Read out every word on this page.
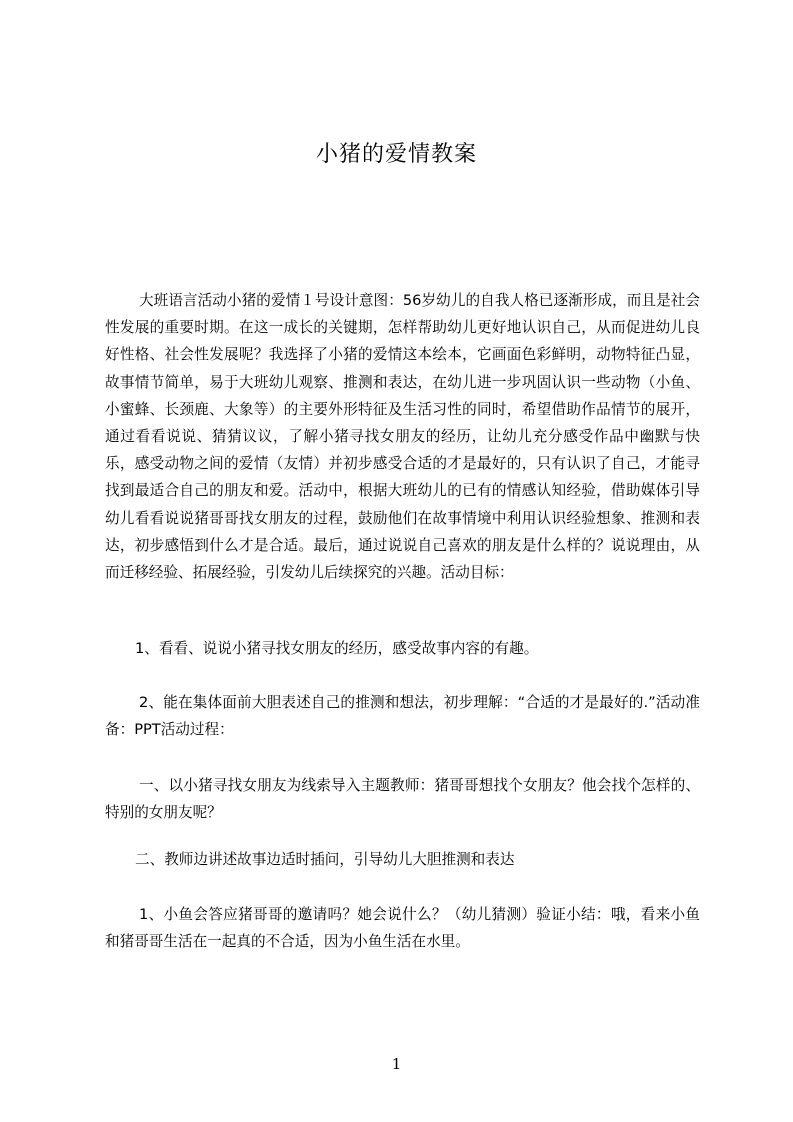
小猪的爱情教案

大班语言活动小猪的爱情１号设计意图：56岁幼儿的自我人格已逐渐形成，而且是社会性发展的重要时期。在这一成长的关键期，怎样帮助幼儿更好地认识自己，从而促进幼儿良好性格、社会性发展呢？我选择了小猪的爱情这本绘本，它画面色彩鲜明，动物特征凸显，故事情节简单，易于大班幼儿观察、推测和表达，在幼儿进一步巩固认识一些动物（小鱼、小蜜蜂、长颈鹿、大象等）的主要外形特征及生活习性的同时，希望借助作品情节的展开，通过看看说说、猜猜议议，了解小猪寻找女朋友的经历，让幼儿充分感受作品中幽默与快乐，感受动物之间的爱情（友情）并初步感受合适的才是最好的，只有认识了自己，才能寻找到最适合自己的朋友和爱。活动中，根据大班幼儿的已有的情感认知经验，借助媒体引导幼儿看看说说猪哥哥找女朋友的过程，鼓励他们在故事情境中利用认识经验想象、推测和表达，初步感悟到什么才是合适。最后，通过说说自己喜欢的朋友是什么样的？说说理由，从而迁移经验、拓展经验，引发幼儿后续探究的兴趣。活动目标：

1、看看、说说小猪寻找女朋友的经历，感受故事内容的有趣。

2、能在集体面前大胆表述自己的推测和想法，初步理解：“合适的才是最好的.”活动准备：PPT活动过程：

一、以小猪寻找女朋友为线索导入主题教师：猪哥哥想找个女朋友？他会找个怎样的、特别的女朋友呢？

二、教师边讲述故事边适时插问，引导幼儿大胆推测和表达

1、小鱼会答应猪哥哥的邀请吗？她会说什么？（幼儿猜测）验证小结：哦，看来小鱼和猪哥哥生活在一起真的不合适，因为小鱼生活在水里。

1
